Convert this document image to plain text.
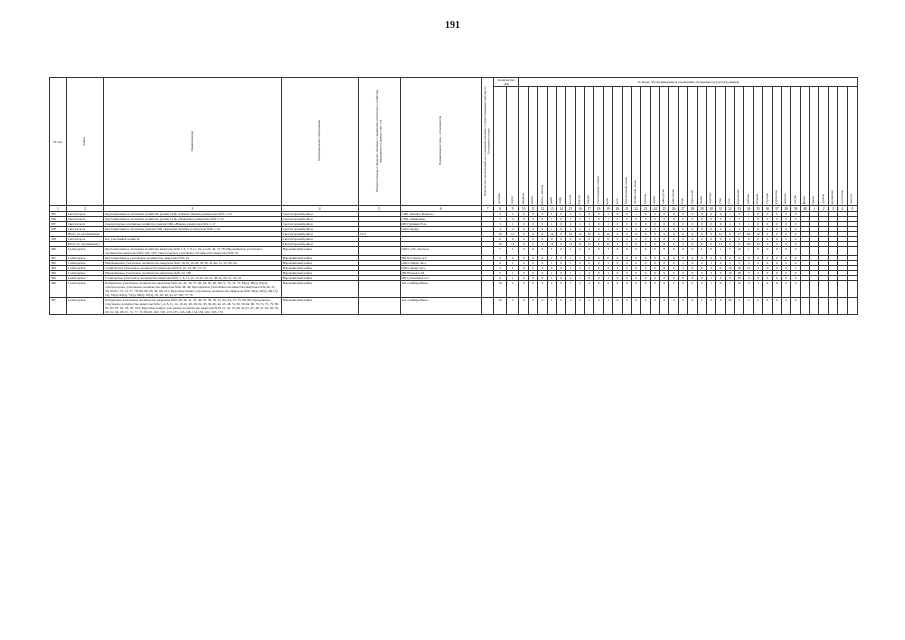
191
№ п/п	Район	Наименование	Муниципальное образование	Общая площадь в пределах таблицы с границами охотничьего хозяйства, переданного в аренду (тыс. га)	Наименование лица - пользователя	Количество организаций, на основании которых, осуществляющих работы по Охотничьи угодья	Количество лиц		Те виды, обеспечиваемые в отношении охотничьих ресурсов (единиц)																																			
							человек	групп	медведь	кабан	пятна, лисица	рыба	бобр	косуля	барсук	выдра	енотовидная собака	волк	лось	благородный олень	пятнистый олень	куница	норка	заяц-русак	заяц-беляк	хорь	горностай	белка	ондатра	утка	гусь	вальдшнеп	рябчик	тетерев	глухарь	куропатка	перепел	голубь	фазан	бекас	дупель	кроншнеп	пастушок	лысуха
1	2	3	4	5	6	7	8	9	10	11	12	13	14	15	16	17	18	19	20	21	22	23	24	25	26	27	28	29	30	31	32	33	34	35	36	37	38	39	40	1	2	3	4	5
355	Светлогорск	Крутомысленное охотничье хозяйство (земли СПК «Память Ильича») кварталы №№ 1-23	Светлогорский район		СПК «Память Ильича»		3	1	0	0	0	1	0	1	2	0	0	1	0	0	1	0	0	0	0	0	0	0	0	0	1	5	1	0	0	0	0	0						
356	Светлогорск	Крутомысленное охотничье хозяйство (земли СПК «Маяковка») кварталы №№ 1-10	Светлогорский район		СПК «Маяковка»		5	4	0	0	0	1	0	1	2	1	0	1	0	0	0	0	0	0	0	0	0	0	0	0	1	5	1	0	0	0	0	0						
357	Светлогорск	Светлогорское охотничье хозяйство (земли СПК «Надеж») кварталы №№ 1-17	Светлогорский район		ИП Грушина Н.А.		3	1	0	0	0	1	0	1	2	1	0	1	0	0	0	0	0	0	0	0	0	0	0	0	1	3	1	0	0	0	0	0						
358	Светлогорск	Крутомысленное охотничье (земли СПК «Красный Октябрь») кварталы №№ 1-18	Светлогорский район		ООО «Кедр»		3	4	0	0	0	1	0	1	2	1	0	1	0	0	0	0	0	0	0	0	0	0	0	0	1	3	1	0	0	0	0	0						
	Итого по охотничьему:		Светлогорский район	12,0			18	12	0	0	0	14	0	12	12	12	0	12	0	0	12	0	0	0	0	0	0	0	0	12	0	17	60	12	2	0	0	0						
359	Светлогорск	все участников хозяйств	Светлогорский район				0	0	0	0	0	0	0	0	0	0	0	0	0	0	0	0	0	0	0	0	0	0	0	0	0	0	0	0	0	0	0	0						
	Всего по охотничьему:		Светлогорский район				18	11	0	0	0	12	0	12	12	12	0	12	0	0	0	0	0	0	0	0	0	0	0	12	0	17	60	12	2	0	0	0						
360	Солигорское	Крутомысленное охотничье хозяйство кварталы №№ 1-3, 7, 9-11, 19, 21-24, 34, 74-78; Наровлянское участковое лесничество кварталы №№ 102, 103; Светлогорское участковое лесничество кварталы №№ 76	Наровлянский район		ООО «УК «Лесхоз»		7	1	0	0	0	1	0	1	2	2	0	1	0	0	0	0	0	0	0	0	0	1	0	1	7	10	1	0	0	0	0	0						
361	Солигорское	Крутомысленное участковое лесничество кварталы №№ 34	Наровлянский район		ИП Костюков А.С.		3	4	0	0	0	1	0	1	1	0	0	0	0	0	0	0	0	0	0	0	0	0	0	0	0	0	0	0	0	0	0	0						
362	Солигорское	Наровлянское участковое лесничество кварталы №№ 16-19, 16-28, 30-38, 41-46, 51, 52, 60, 64	Наровлянский район		ООО «Медв Лес»		6	1	0	0	0	1	0	1	2	0	0	1	0	0	0	0	0	0	0	1	0	0	1	0	5	5	5	0	0	0	0	0						
363	Солигорское	Солигорское участковое лесничество кварталы №№ 9, 10, 14, 60, 72, 73	Наровлянский район		ООО «Кедр-лес»		3	1	0	0	0	1	0	1	3	0	0	1	0	0	0	0	0	0	0	2	0	0	2	0	10	20	15	2	0	0	0	1						
364	Солигорское	Наровлянское участковое лесничество кварталы №№ 72, 100	Наровлянский район		ИП Ноуков С.М.		5	1	0	0	0	1	0	1	1	2	0	1	0	0	0	0	0	0	0	0	0	0	2	0	10	20	5	2	0	0	0	0						
365	Солигорское	Солигорское участковое лесничество кварталы №№ 7, 8, 11-13, 15-22, 26-31, 38-42, 50, 51, 52, 61	Наровлянский район		ИП Суховецкая А.С.		6	1	0	0	0	1	0	2	1	0	0	1	0	0	0	0	0	0	0	0	0	0	1	0	6	10	5	0	0	0	0	0						
366	Солигорское	Кобринское участковое лесничество кварталы №№ 44, 45, 36, 57, 60, 63, 65, 66, 69-71, 73, 74, 75, 83(ч), 89(ч), 93(ч); Светлогорское участковое лесничество кварталы №№ 48, 49; Ортодоксное участковое лесничество кварталы №№ 48, 47, 58, 65-67, 73, 74, 77, 78, 86, 89, 90, 92, 96, 101; Крутомысленное участковое лесничество кварталы №№ 20(ч)-30(ч), 46(1,5)(ч), 53(ч), 64(ч), 75(ч), 80(ч), 81(ч), 35, 36, 60, 61, 67, 68, 73, 76	Наровлянский район		АО «Сибирь-Вязь»		10	2	0	0	0	1	0	1	2	2	0	2	0	0	0	0	0	0	0	0	0	0	1	0	7	10	3	1	2	0	0	0						
367	Солигорское	Кобринское участковое лесничество кварталы №№ 30, 36, 41, 47, 46, 55, 58, 59, 61, 62, 64, 72, 75, 80, 88; Ортодоксное участковое лесничество кварталы №№ 1-4, 8-11, 14, 19-22, 26, 28-32, 38, 36-40, 44, 45, 48, 51-56, 59-64, 68, 70-72, 75, 79, 80, 82, 83, 87, 91, 93, 95, 104; Крутомысленное участковое лесничество кварталы №№ 21, 22, 27-40, 42-45, 47, 48, 51-54, 56, 59, 60, 62, 64, 68-72, 74, 77, 79, 86-99, 102, 105, 133-135, 143-148, 154-156, 162, 165, 170	Наровлянский район		АО «Сибирь-Вязь»		20	2	0	0	0	1	0	2	3	2	0	1	0	0	0	0	0	0	0	0	0	1	0	0	20	5	2	0	0	0	0	0						
